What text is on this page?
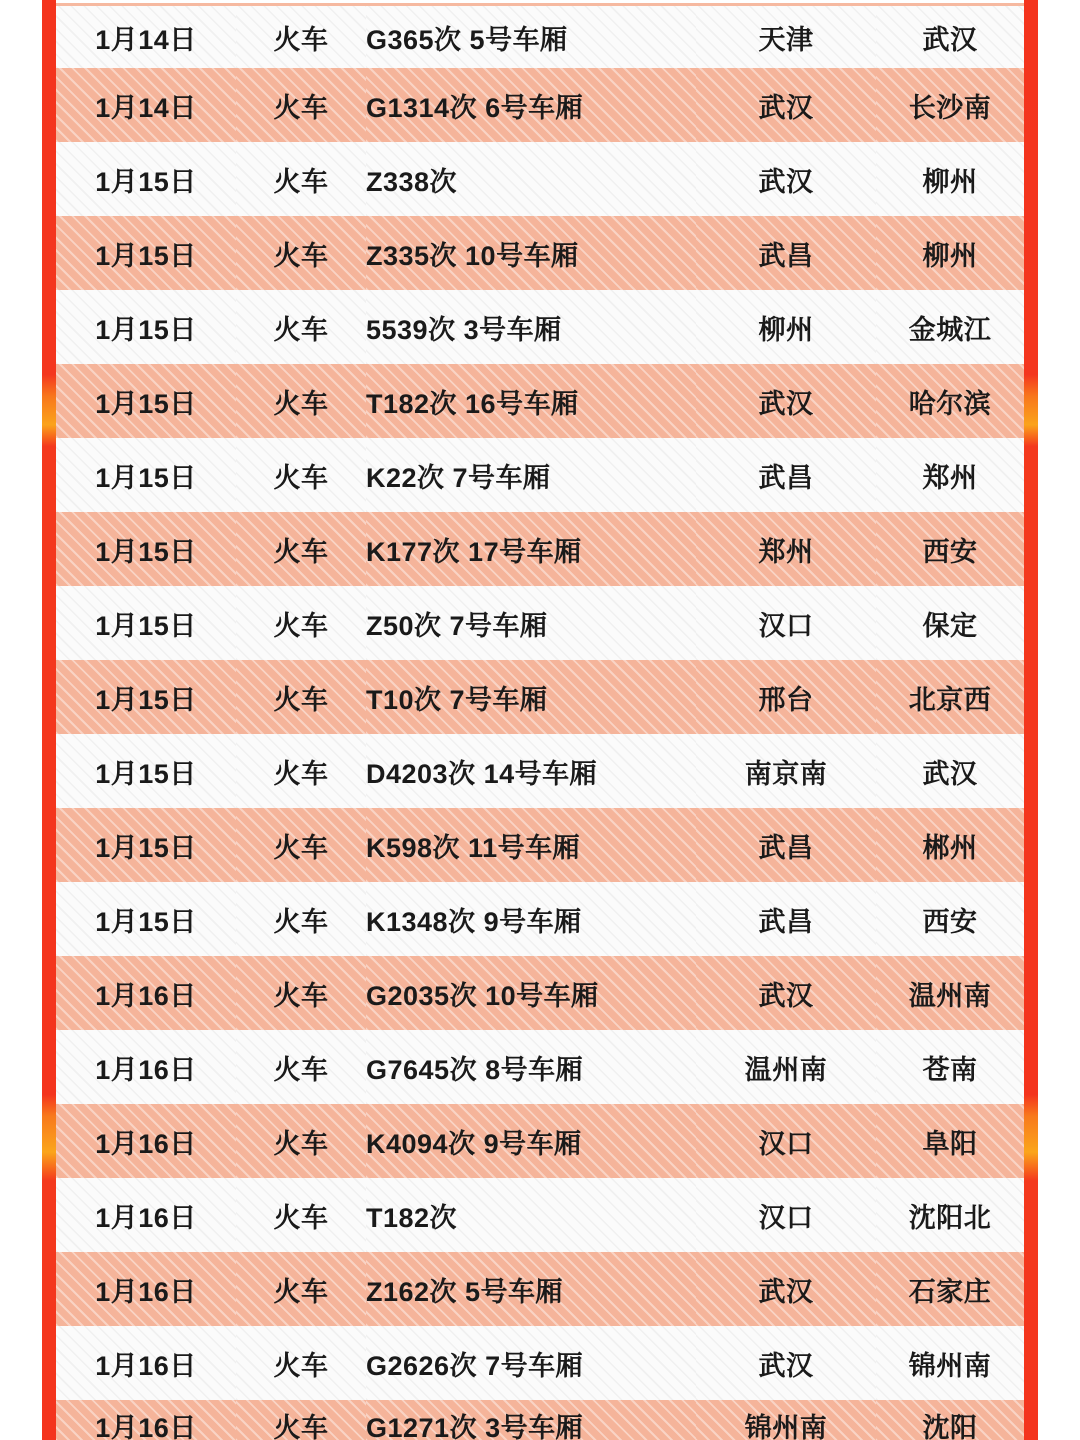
1月14日	火车	G365次 5号车厢	天津	武汉
1月14日	火车	G1314次 6号车厢	武汉	长沙南
1月15日	火车	Z338次	武汉	柳州
1月15日	火车	Z335次 10号车厢	武昌	柳州
1月15日	火车	5539次 3号车厢	柳州	金城江
1月15日	火车	T182次 16号车厢	武汉	哈尔滨
1月15日	火车	K22次 7号车厢	武昌	郑州
1月15日	火车	K177次 17号车厢	郑州	西安
1月15日	火车	Z50次 7号车厢	汉口	保定
1月15日	火车	T10次 7号车厢	邢台	北京西
1月15日	火车	D4203次 14号车厢	南京南	武汉
1月15日	火车	K598次 11号车厢	武昌	郴州
1月15日	火车	K1348次 9号车厢	武昌	西安
1月16日	火车	G2035次 10号车厢	武汉	温州南
1月16日	火车	G7645次 8号车厢	温州南	苍南
1月16日	火车	K4094次 9号车厢	汉口	阜阳
1月16日	火车	T182次	汉口	沈阳北
1月16日	火车	Z162次 5号车厢	武汉	石家庄
1月16日	火车	G2626次 7号车厢	武汉	锦州南
1月16日	火车	G1271次 3号车厢	锦州南	沈阳
